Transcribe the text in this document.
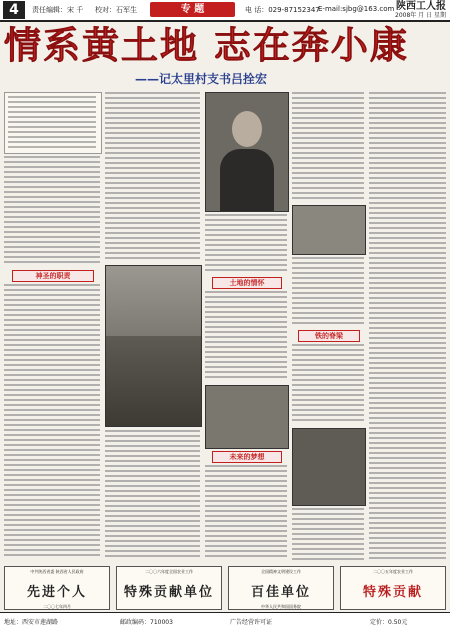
4	责任编辑：宋 千 校对：石军生	专 题	电 话：029-87152347
E-mail:sjbg@163.com 陕西工人报
2008年 月 日 星期
情系黄土地 志在奔小康
——记太里村支书吕拴宏
神圣的职责
土地的情怀
未来的梦想
铁的脊梁
中共陕西省委 陕西省人民政府
先进个人
二〇〇七年四月
二〇〇六年度全国农业工作
特殊贡献单位
全国精神文明建设工作
百佳单位
中华人民共和国国务院
二〇〇五年度农业工作
特殊贡献
地址：西安市莲湖路	邮政编码：710003	广告经营许可证	定价：0.50元
